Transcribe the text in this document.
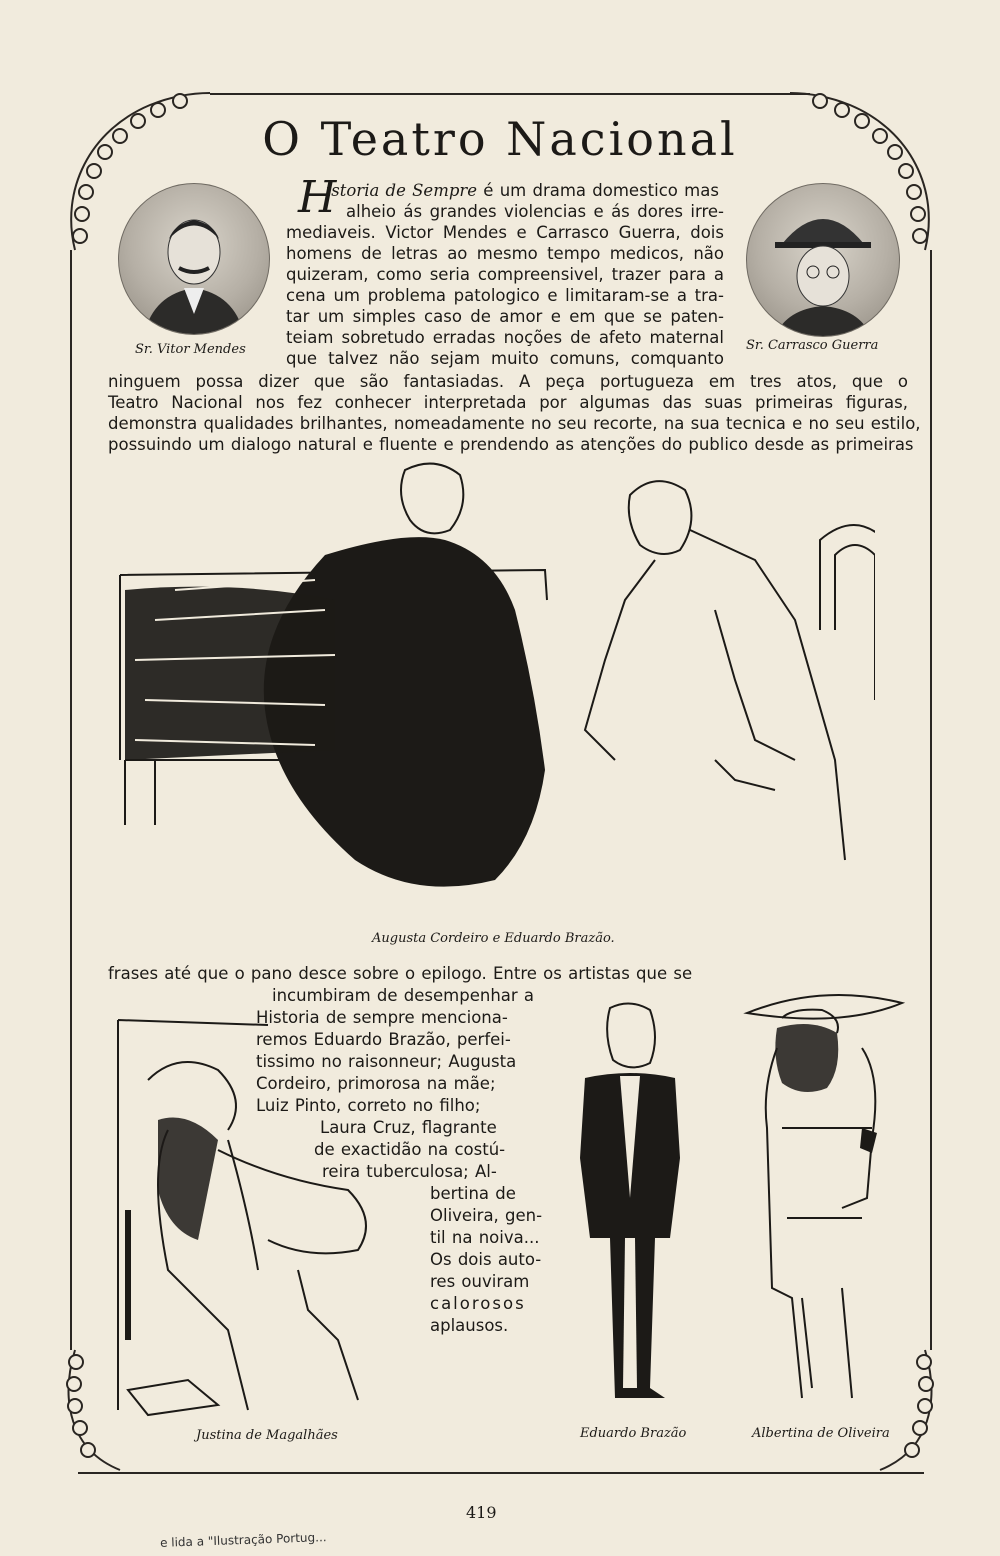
O Teatro Nacional
Sr. Vitor Mendes	Sr. Carrasco Guerra
H
istoria de Sempre é um drama domestico mas
alheio ás grandes violencias e ás dores irre-
mediaveis. Victor Mendes e Carrasco Guerra, dois
homens de letras ao mesmo tempo medicos, não
quizeram, como seria compreensivel, trazer para a
cena um problema patologico e limitaram-se a tra-
tar um simples caso de amor e em que se paten-
teiam sobretudo erradas noções de afeto maternal
que talvez não sejam muito comuns, comquanto
ninguem possa dizer que são fantasiadas. A peça portugueza em tres atos, que o
Teatro Nacional nos fez conhecer interpretada por algumas das suas primeiras figuras,
demonstra qualidades brilhantes, nomeadamente no seu recorte, na sua tecnica e no seu estilo,
possuindo um dialogo natural e fluente e prendendo as atenções do publico desde as primeiras
Augusta Cordeiro e Eduardo Brazão.
frases até que o pano desce sobre o epilogo. Entre os artistas que se
incumbiram de desempenhar a
Historia de sempre menciona-
remos Eduardo Brazão, perfei-
tissimo no raisonneur; Augusta
Cordeiro, primorosa na mãe;
Luiz Pinto, correto no filho;
Laura Cruz, flagrante
de exactidão na costú-
reira tuberculosa; Al-
bertina de
Oliveira, gen-
til na noiva...
Os dois auto-
res ouviram
calorosos
aplausos.
Justina de Magalhães	Eduardo Brazão	Albertina de Oliveira
419
e lida a "Ilustração Portug...
